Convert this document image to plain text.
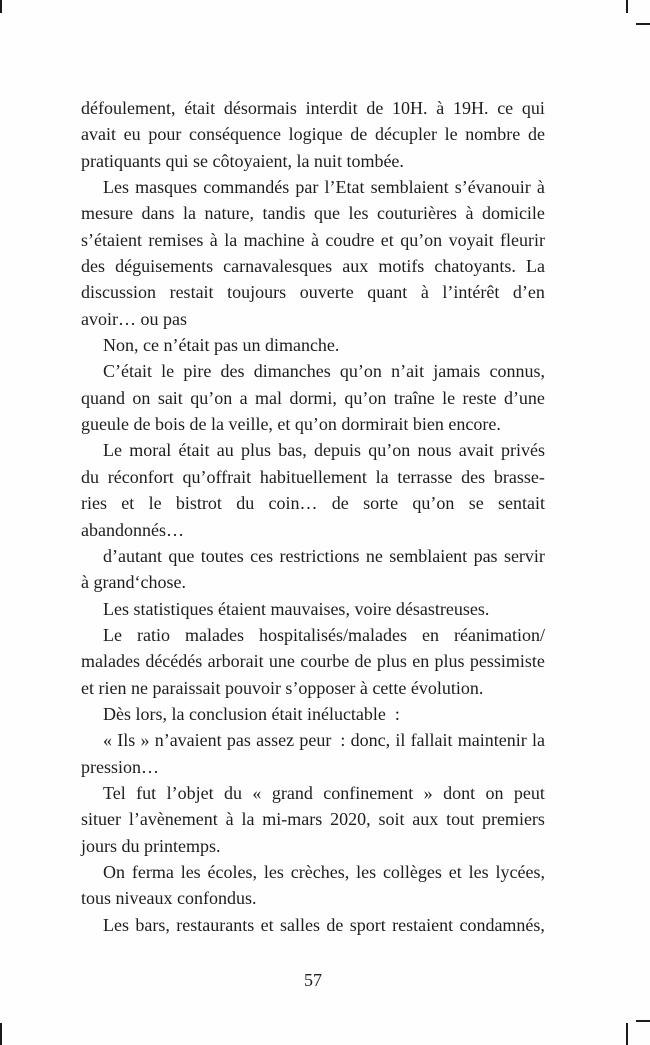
défoulement, était désormais interdit de 10H. à 19H. ce qui
avait eu pour conséquence logique de décupler le nombre de
pratiquants qui se côtoyaient, la nuit tombée.
Les masques commandés par l’Etat semblaient s’évanouir à
mesure dans la nature, tandis que les couturières à domicile
s’étaient remises à la machine à coudre et qu’on voyait fleurir
des déguisements carnavalesques aux motifs chatoyants. La
discussion restait toujours ouverte quant à l’intérêt d’en
avoir… ou pas
Non, ce n’était pas un dimanche.
C’était le pire des dimanches qu’on n’ait jamais connus,
quand on sait qu’on a mal dormi, qu’on traîne le reste d’une
gueule de bois de la veille, et qu’on dormirait bien encore.
Le moral était au plus bas, depuis qu’on nous avait privés
du réconfort qu’offrait habituellement la terrasse des brasse-
ries et le bistrot du coin… de sorte qu’on se sentait
abandonnés…
d’autant que toutes ces restrictions ne semblaient pas servir
à grand‘chose.
Les statistiques étaient mauvaises, voire désastreuses.
Le ratio malades hospitalisés/malades en réanimation/
malades décédés arborait une courbe de plus en plus pessimiste
et rien ne paraissait pouvoir s’opposer à cette évolution.
Dès lors, la conclusion était inéluctable :
« Ils » n’avaient pas assez peur : donc, il fallait maintenir la
pression…
Tel fut l’objet du « grand confinement » dont on peut
situer l’avènement à la mi-mars 2020, soit aux tout premiers
jours du printemps.
On ferma les écoles, les crèches, les collèges et les lycées,
tous niveaux confondus.
Les bars, restaurants et salles de sport restaient condamnés,
57
